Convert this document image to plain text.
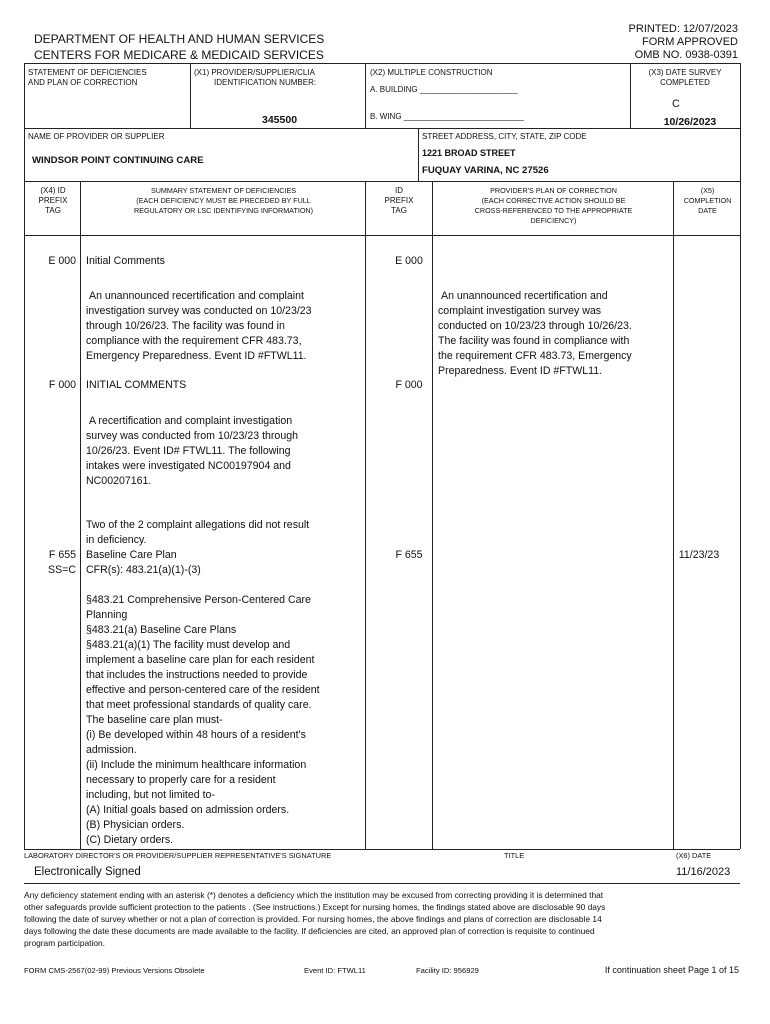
DEPARTMENT OF HEALTH AND HUMAN SERVICES
CENTERS FOR MEDICARE & MEDICAID SERVICES
PRINTED: 12/07/2023
FORM APPROVED
OMB NO. 0938-0391
STATEMENT OF DEFICIENCIES
AND PLAN OF CORRECTION
(X1) PROVIDER/SUPPLIER/CLIA
IDENTIFICATION NUMBER:
345500
(X2) MULTIPLE CONSTRUCTION
A. BUILDING ______________________
B. WING ___________________________
(X3) DATE SURVEY
COMPLETED
C
10/26/2023
NAME OF PROVIDER OR SUPPLIER
WINDSOR POINT CONTINUING CARE
STREET ADDRESS, CITY, STATE, ZIP CODE
1221 BROAD STREET
FUQUAY VARINA, NC 27526
(X4) ID
PREFIX
TAG
SUMMARY STATEMENT OF DEFICIENCIES
(EACH DEFICIENCY MUST BE PRECEDED BY FULL
REGULATORY OR LSC IDENTIFYING INFORMATION)
ID
PREFIX
TAG
PROVIDER'S PLAN OF CORRECTION
(EACH CORRECTIVE ACTION SHOULD BE
CROSS-REFERENCED TO THE APPROPRIATE
DEFICIENCY)
(X5)
COMPLETION
DATE
E 000 Initial Comments	E 000
An unannounced recertification and complaint
investigation survey was conducted on 10/23/23
through 10/26/23. The facility was found in
compliance with the requirement CFR 483.73,
Emergency Preparedness. Event ID #FTWL11.
An unannounced recertification and
complaint investigation survey was
conducted on 10/23/23 through 10/26/23.
The facility was found in compliance with
the requirement CFR 483.73, Emergency
Preparedness. Event ID #FTWL11.
F 000 INITIAL COMMENTS	F 000
A recertification and complaint investigation
survey was conducted from 10/23/23 through
10/26/23. Event ID# FTWL11. The following
intakes were investigated NC00197904 and
NC00207161.
Two of the 2 complaint allegations did not result
in deficiency.
F 655
SS=C
Baseline Care Plan
CFR(s): 483.21(a)(1)-(3)
F 655	11/23/23
§483.21 Comprehensive Person-Centered Care
Planning
§483.21(a) Baseline Care Plans
§483.21(a)(1) The facility must develop and
implement a baseline care plan for each resident
that includes the instructions needed to provide
effective and person-centered care of the resident
that meet professional standards of quality care.
The baseline care plan must-
(i) Be developed within 48 hours of a resident's
admission.
(ii) Include the minimum healthcare information
necessary to properly care for a resident
including, but not limited to-
(A) Initial goals based on admission orders.
(B) Physician orders.
(C) Dietary orders.
LABORATORY DIRECTOR'S OR PROVIDER/SUPPLIER REPRESENTATIVE'S SIGNATURE	TITLE	(X6) DATE
Electronically Signed	11/16/2023
Any deficiency statement ending with an asterisk (*) denotes a deficiency which the institution may be excused from correcting providing it is determined that
other safeguards provide sufficient protection to the patients . (See instructions.) Except for nursing homes, the findings stated above are disclosable 90 days
following the date of survey whether or not a plan of correction is provided. For nursing homes, the above findings and plans of correction are disclosable 14
days following the date these documents are made available to the facility. If deficiencies are cited, an approved plan of correction is requisite to continued
program participation.
FORM CMS-2567(02-99) Previous Versions Obsolete	Event ID: FTWL11	Facility ID: 956929	If continuation sheet Page 1 of 15
